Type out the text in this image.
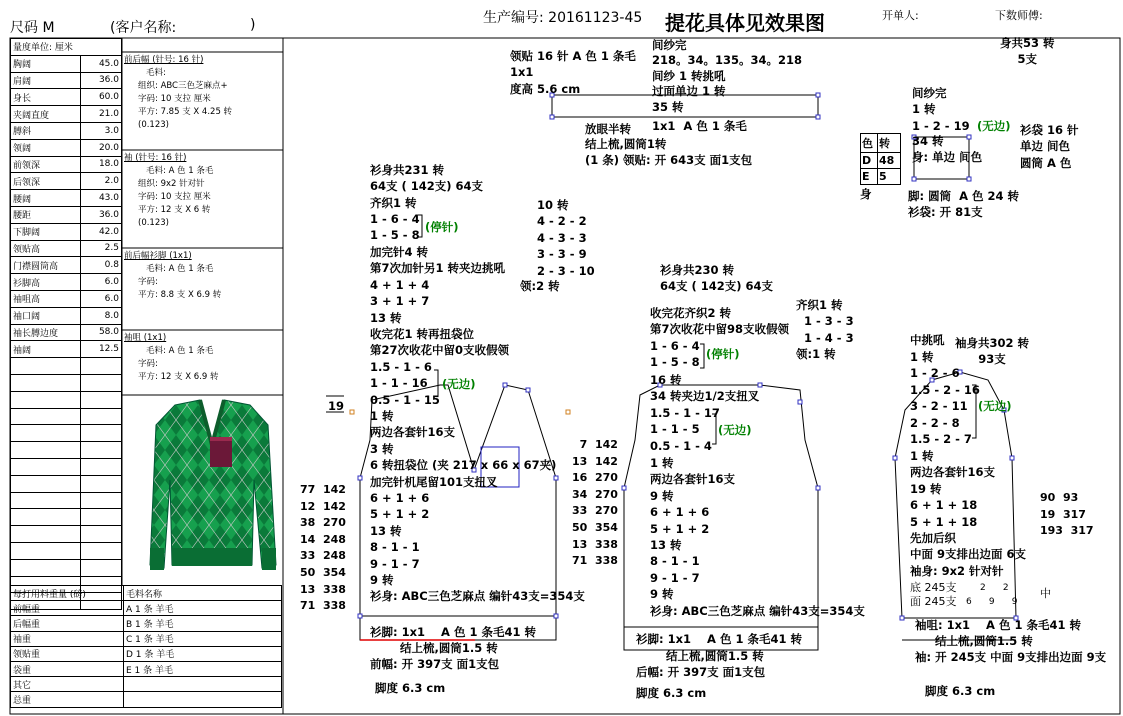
尺码 M	(客户名称:	)	生产编号: 20161123-45 提花具体见效果图	开单人:	下数师傅:
量度单位: 厘米	
胸阔	45.0
肩阔	36.0
身长	60.0
夹阔直度	21.0
膊斜	3.0
领阔	20.0
前领深	18.0
后领深	2.0
腰阔	43.0
腰距	36.0
下脚阔	42.0
领贴高	2.5
门襟圆筒高	0.8
衫脚高	6.0
袖咀高	6.0
袖口阔	8.0
袖长膊边度	58.0
袖阔	12.5

前后幅 (针号: 16 针)
毛料:
组织: ABC三色芝麻点+
字码: 10 支拉 厘米
平方: 7.85 支 X 4.25 转
(0.123)
袖 (针号: 16 针)
毛料: A 色 1 条毛
组织: 9x2 针对针
字码: 10 支拉 厘米
平方: 12 支 X 6 转
(0.123)
前后幅衫脚 (1x1)
毛料: A 色 1 条毛
字码:
平方: 8.8 支 X 6.9 转
袖咀 (1x1)
毛料: A 色 1 条毛
字码:
平方: 12 支 X 6.9 转
每打用料重量 (磅)	毛料名称
前幅重	A 1 条 羊毛
后幅重	B 1 条 羊毛
袖重	C 1 条 羊毛
领贴重	D 1 条 羊毛
袋重	E 1 条 羊毛
其它	
总重	
色	转
D	48
E	5
身
领贴 16 针 A 色 1 条毛
1x1
度高 5.6 cm
间纱完
218。34。135。34。218
间纱 1 转挑吼
过面单边 1 转
35 转
1x1  A 色 1 条毛
放眼半转
结上梳,圆筒1转
(1 条) 领贴: 开 643支 面1支包
身共53 转
5支
间纱完
1 转
1 - 2 - 19 (无边)
34 转
身: 单边 间色
脚: 圆筒  A 色 24 转
衫袋: 开 81支
衫袋 16 针
单边 间色
圆筒 A 色
衫身共231 转
64支 ( 142支) 64支
齐织1 转
1 - 6 - 4
1 - 5 - 8
(停针)
加完针4 转
第7次加针另1 转夹边挑吼
4 + 1 + 4
3 + 1 + 7
13 转
收完花1 转再扭袋位
第27次收花中留0支收假领
1.5 - 1 - 6
1 - 1 - 16
0.5 - 1 - 15
(无边)
1 转
两边各套针16支
3 转
6 转扭袋位 (夹 217 x 66 x 67夹)
加完针机尾留101支扭叉
6 + 1 + 6
5 + 1 + 2
13 转
8 - 1 - 1
9 - 1 - 7
9 转
衫身: ABC三色芝麻点 编针43支=354支
10 转
4 - 2 - 2
4 - 3 - 3
3 - 3 - 9
2 - 3 - 10
领:2 转
衫脚: 1x1    A 色 1 条毛41 转
结上梳,圆筒1.5 转
前幅: 开 397支 面1支包
脚度 6.3 cm
19
77  142
12  142
38  270
14  248
33  248
50  354
13  338
71  338
7  142
13  142
16  270
34  270
33  270
50  354
13  338
71  338
衫身共230 转
64支 ( 142支) 64支
收完花齐织2 转
第7次收花中留98支收假领
1 - 6 - 4
1 - 5 - 8
(停针)
16 转
34 转夹边1/2支扭叉
1.5 - 1 - 17
1 - 1 - 5
0.5 - 1 - 4
(无边)
1 转
两边各套针16支
9 转
6 + 1 + 6
5 + 1 + 2
13 转
8 - 1 - 1
9 - 1 - 7
9 转
衫身: ABC三色芝麻点 编针43支=354支
齐织1 转
1 - 3 - 3
1 - 4 - 3
领:1 转
衫脚: 1x1    A 色 1 条毛41 转
结上梳,圆筒1.5 转
后幅: 开 397支 面1支包
脚度 6.3 cm
中挑吼 袖身共302 转
93支
1 转
1 - 2 - 6
1.5 - 2 - 16
3 - 2 - 11
2 - 2 - 8
1.5 - 2 - 7
(无边)
1 转
两边各套针16支
19 转
6 + 1 + 18
5 + 1 + 18
先加后织
中面 9支排出边面 6支
袖身: 9x2 针对针
底 245支
面 245支
2      2
6      9      9
中
90  93
19  317
193  317
袖咀: 1x1    A 色 1 条毛41 转
结上梳,圆筒1.5 转
袖: 开 245支 中面 9支排出边面 9支
脚度 6.3 cm
